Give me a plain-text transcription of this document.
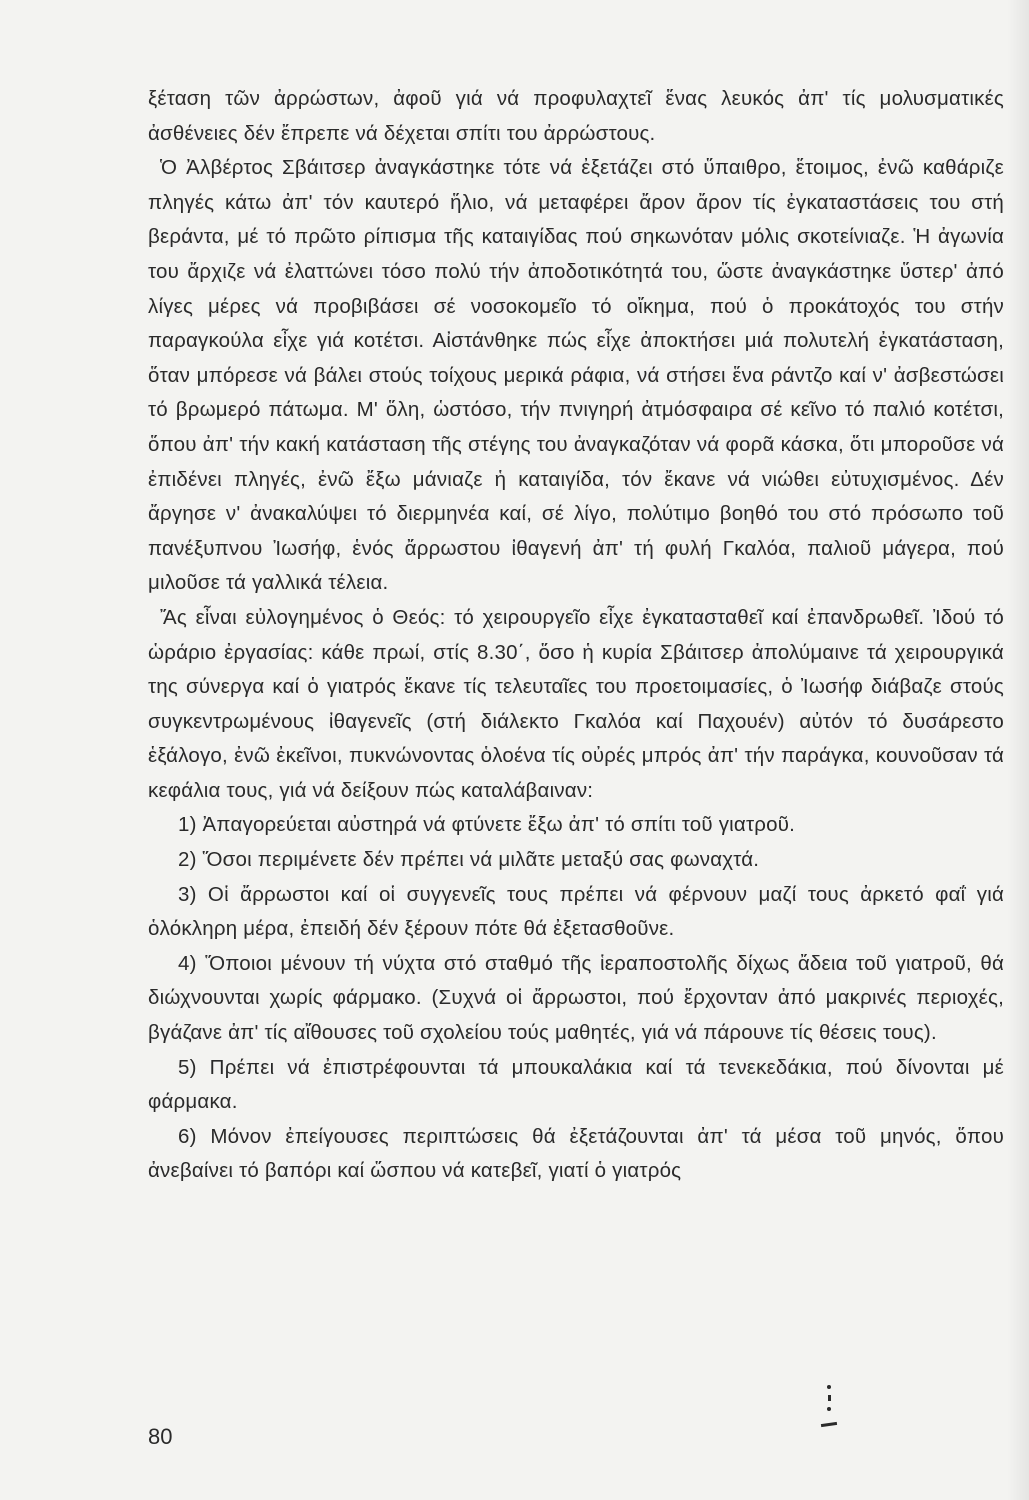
ξέταση τῶν ἀρρώστων, ἀφοῦ γιά νά προφυλαχτεῖ ἕνας λευκός ἀπ' τίς μολυσματικές ἀσθένειες δέν ἔπρεπε νά δέχεται σπίτι του ἀρρώστους.

Ὁ Ἀλβέρτος Σβάιτσερ ἀναγκάστηκε τότε νά ἐξετάζει στό ὕπαιθρο, ἕτοιμος, ἐνῶ καθάριζε πληγές κάτω ἀπ' τόν καυτερό ἥλιο, νά μεταφέρει ἄρον ἄρον τίς ἐγκαταστάσεις του στή βεράντα, μέ τό πρῶτο ρίπισμα τῆς καταιγίδας πού σηκωνόταν μόλις σκοτείνιαζε. Ἡ ἀγωνία του ἄρχιζε νά ἐλαττώνει τόσο πολύ τήν ἀποδοτικότητά του, ὥστε ἀναγκάστηκε ὕστερ' ἀπό λίγες μέρες νά προβιβάσει σέ νοσοκομεῖο τό οἴκημα, πού ὁ προκάτοχός του στήν παραγκούλα εἶχε γιά κοτέτσι. Αἰστάνθηκε πώς εἶχε ἀποκτήσει μιά πολυτελή ἐγκατάσταση, ὅταν μπόρεσε νά βάλει στούς τοίχους μερικά ράφια, νά στήσει ἕνα ράντζο καί ν' ἀσβεστώσει τό βρωμερό πάτωμα. Μ' ὅλη, ὡστόσο, τήν πνιγηρή ἀτμόσφαιρα σέ κεῖνο τό παλιό κοτέτσι, ὅπου ἀπ' τήν κακή κατάσταση τῆς στέγης του ἀναγκαζόταν νά φορᾶ κάσκα, ὅτι μποροῦσε νά ἐπιδένει πληγές, ἐνῶ ἔξω μάνιαζε ἡ καταιγίδα, τόν ἔκανε νά νιώθει εὐτυχισμένος. Δέν ἄργησε ν' ἀνακαλύψει τό διερμηνέα καί, σέ λίγο, πολύτιμο βοηθό του στό πρόσωπο τοῦ πανέξυπνου Ἰωσήφ, ἑνός ἄρρωστου ἰθαγενή ἀπ' τή φυλή Γκαλόα, παλιοῦ μάγερα, πού μιλοῦσε τά γαλλικά τέλεια.

Ἄς εἶναι εὐλογημένος ὁ Θεός: τό χειρουργεῖο εἶχε ἐγκατασταθεῖ καί ἐπανδρωθεῖ. Ἰδού τό ὡράριο ἐργασίας: κάθε πρωί, στίς 8.30΄, ὅσο ἡ κυρία Σβάιτσερ ἀπολύμαινε τά χειρουργικά της σύνεργα καί ὁ γιατρός ἔκανε τίς τελευταῖες του προετοιμασίες, ὁ Ἰωσήφ διάβαζε στούς συγκεντρωμένους ἰθαγενεῖς (στή διάλεκτο Γκαλόα καί Παχουέν) αὐτόν τό δυσάρεστο ἑξάλογο, ἐνῶ ἐκεῖνοι, πυκνώνοντας ὁλοένα τίς οὐρές μπρός ἀπ' τήν παράγκα, κουνοῦσαν τά κεφάλια τους, γιά νά δείξουν πώς καταλάβαιναν:

1) Ἀπαγορεύεται αὐστηρά νά φτύνετε ἔξω ἀπ' τό σπίτι τοῦ γιατροῦ.

2) Ὅσοι περιμένετε δέν πρέπει νά μιλᾶτε μεταξύ σας φωναχτά.

3) Οἱ ἄρρωστοι καί οἱ συγγενεῖς τους πρέπει νά φέρνουν μαζί τους ἀρκετό φαΐ γιά ὁλόκληρη μέρα, ἐπειδή δέν ξέρουν πότε θά ἐξετασθοῦνε.

4) Ὅποιοι μένουν τή νύχτα στό σταθμό τῆς ἱεραποστολῆς δίχως ἄδεια τοῦ γιατροῦ, θά διώχνουνται χωρίς φάρμακο. (Συχνά οἱ ἄρρωστοι, πού ἔρχονταν ἀπό μακρινές περιοχές, βγάζανε ἀπ' τίς αἴθουσες τοῦ σχολείου τούς μαθητές, γιά νά πάρουνε τίς θέσεις τους).

5) Πρέπει νά ἐπιστρέφουνται τά μπουκαλάκια καί τά τενεκεδάκια, πού δίνονται μέ φάρμακα.

6) Μόνον ἐπείγουσες περιπτώσεις θά ἐξετάζουνται ἀπ' τά μέσα τοῦ μηνός, ὅπου ἀνεβαίνει τό βαπόρι καί ὥσπου νά κατεβεῖ, γιατί ὁ γιατρός

80
